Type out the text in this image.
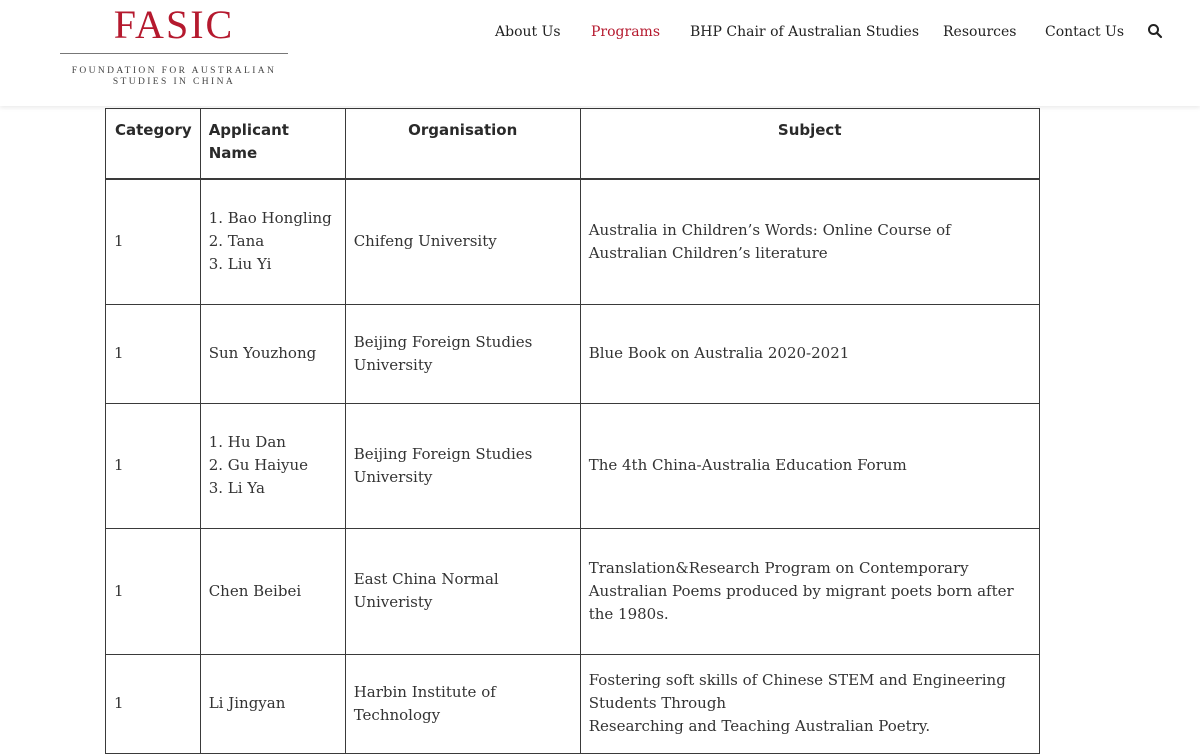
FASIC
FOUNDATION FOR AUSTRALIAN
STUDIES IN CHINA
About Us Programs BHP Chair of Australian Studies Resources Contact Us
Category	Applicant Name	Organisation	Subject
1	1. Bao Hongling
2. Tana
3. Liu Yi	Chifeng University	Australia in Children’s Words: Online Course of
Australian Children’s literature

1	Sun Youzhong	Beijing Foreign Studies
University	Blue Book on Australia 2020-2021

1	1. Hu Dan
2. Gu Haiyue
3. Li Ya	Beijing Foreign Studies
University	The 4th China-Australia Education Forum

1	Chen Beibei	East China Normal
Univeristy	Translation&Research Program on Contemporary
Australian Poems produced by migrant poets born after
the 1980s.

1	Li Jingyan	Harbin Institute of
Technology	Fostering soft skills of Chinese STEM and Engineering
Students Through
Researching and Teaching Australian Poetry.
